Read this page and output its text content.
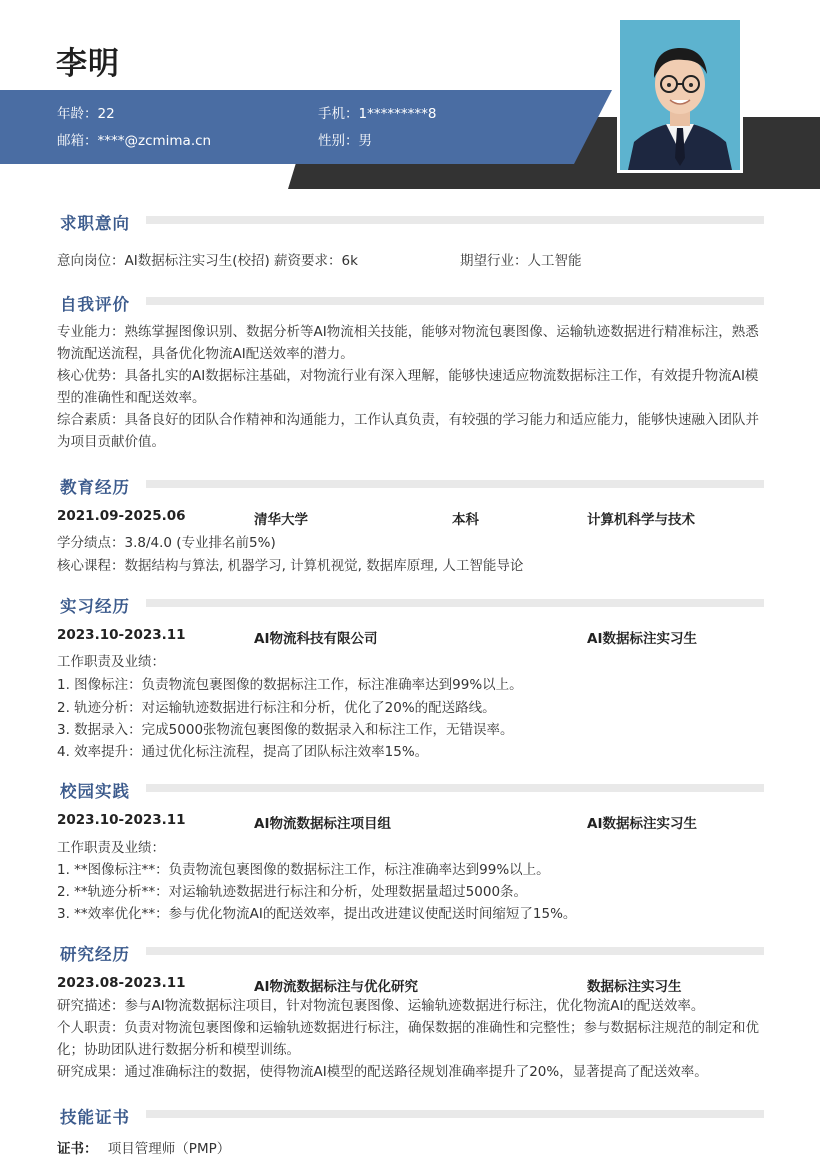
李明
年龄：22	手机：1*********8
邮箱：****@zcmima.cn	性别：男
求职意向
意向岗位：AI数据标注实习生(校招) 薪资要求：6k	期望行业：人工智能
自我评价
专业能力：熟练掌握图像识别、数据分析等AI物流相关技能，能够对物流包裹图像、运输轨迹数据进行精准标注，熟悉物流配送流程，具备优化物流AI配送效率的潜力。
核心优势：具备扎实的AI数据标注基础，对物流行业有深入理解，能够快速适应物流数据标注工作，有效提升物流AI模型的准确性和配送效率。
综合素质：具备良好的团队合作精神和沟通能力，工作认真负责，有较强的学习能力和适应能力，能够快速融入团队并为项目贡献价值。
教育经历
2021.09-2025.06	清华大学	本科	计算机科学与技术
学分绩点：3.8/4.0 (专业排名前5%)
核心课程：数据结构与算法, 机器学习, 计算机视觉, 数据库原理, 人工智能导论
实习经历
2023.10-2023.11	AI物流科技有限公司	AI数据标注实习生
工作职责及业绩：
1. 图像标注：负责物流包裹图像的数据标注工作，标注准确率达到99%以上。
2. 轨迹分析：对运输轨迹数据进行标注和分析，优化了20%的配送路线。
3. 数据录入：完成5000张物流包裹图像的数据录入和标注工作，无错误率。
4. 效率提升：通过优化标注流程，提高了团队标注效率15%。
校园实践
2023.10-2023.11	AI物流数据标注项目组	AI数据标注实习生
工作职责及业绩：
1. **图像标注**：负责物流包裹图像的数据标注工作，标注准确率达到99%以上。
2. **轨迹分析**：对运输轨迹数据进行标注和分析，处理数据量超过5000条。
3. **效率优化**：参与优化物流AI的配送效率，提出改进建议使配送时间缩短了15%。
研究经历
2023.08-2023.11	AI物流数据标注与优化研究	数据标注实习生
研究描述：参与AI物流数据标注项目，针对物流包裹图像、运输轨迹数据进行标注，优化物流AI的配送效率。
个人职责：负责对物流包裹图像和运输轨迹数据进行标注，确保数据的准确性和完整性；参与数据标注规范的制定和优化；协助团队进行数据分析和模型训练。
研究成果：通过准确标注的数据，使得物流AI模型的配送路径规划准确率提升了20%，显著提高了配送效率。
技能证书
证书： 项目管理师（PMP）
